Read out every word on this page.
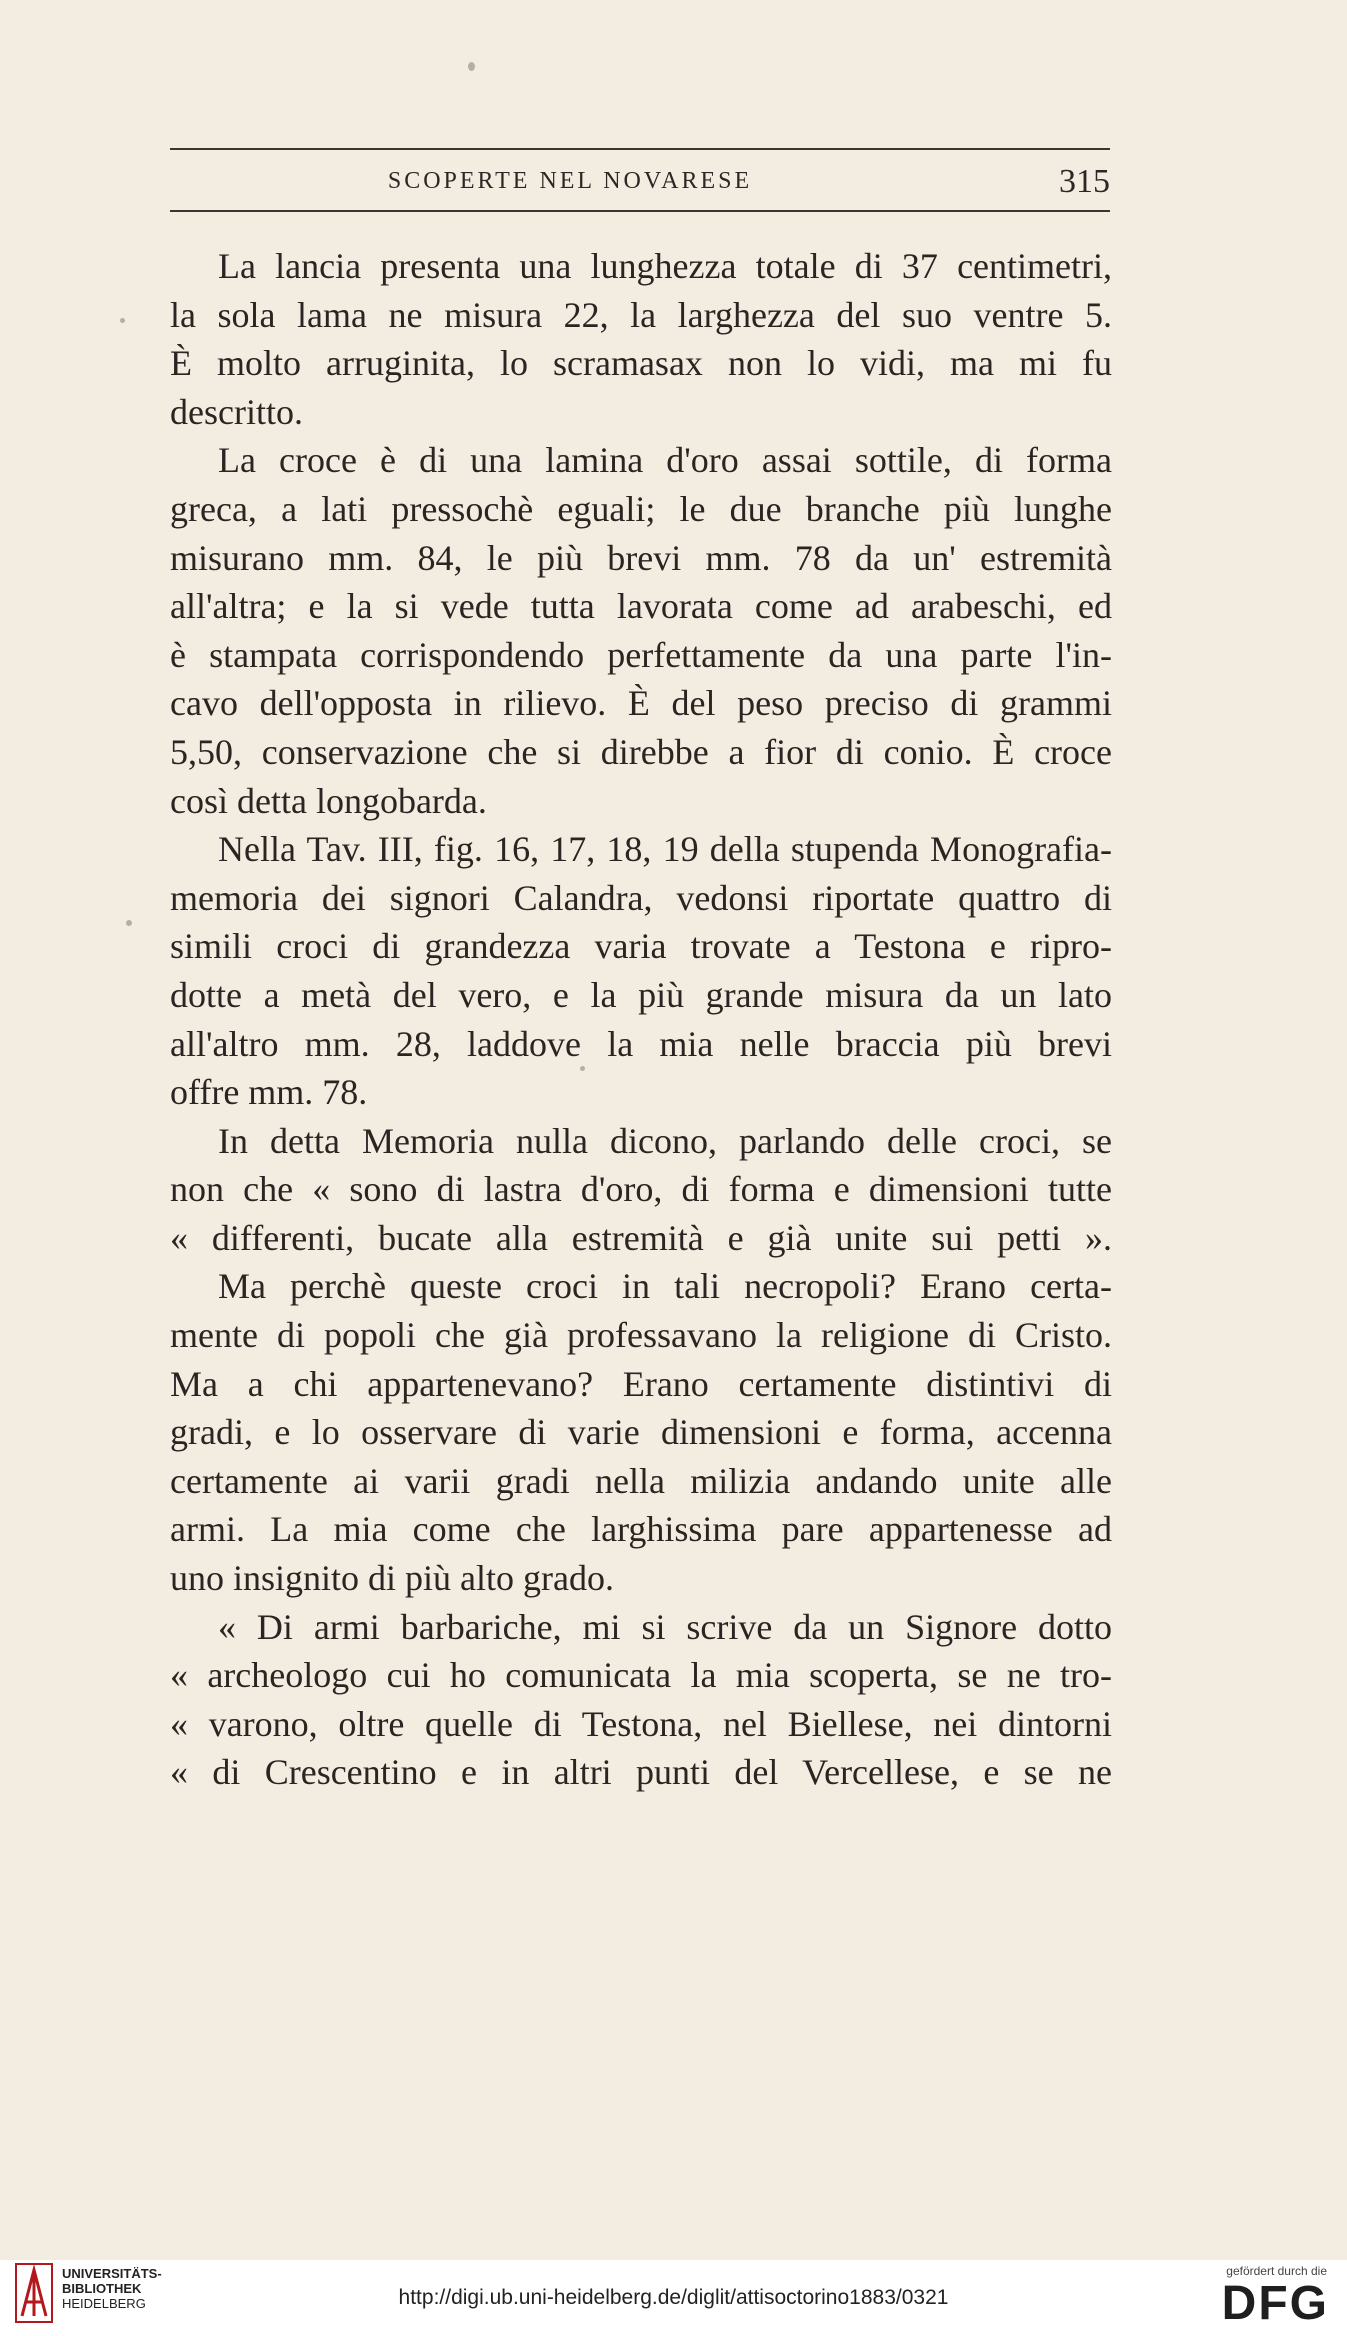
SCOPERTE NEL NOVARESE	315
La lancia presenta una lunghezza totale di 37 centimetri,
la sola lama ne misura 22, la larghezza del suo ventre 5.
È molto arruginita, lo scramasax non lo vidi, ma mi fu
descritto.
La croce è di una lamina d'oro assai sottile, di forma
greca, a lati pressochè eguali; le due branche più lunghe
misurano mm. 84, le più brevi mm. 78 da un' estremità
all'altra; e la si vede tutta lavorata come ad arabeschi, ed
è stampata corrispondendo perfettamente da una parte l'in-
cavo dell'opposta in rilievo. È del peso preciso di grammi
5,50, conservazione che si direbbe a fior di conio. È croce
così detta longobarda.
Nella Tav. III, fig. 16, 17, 18, 19 della stupenda Monografia-
memoria dei signori Calandra, vedonsi riportate quattro di
simili croci di grandezza varia trovate a Testona e ripro-
dotte a metà del vero, e la più grande misura da un lato
all'altro mm. 28, laddove la mia nelle braccia più brevi
offre mm. 78.
In detta Memoria nulla dicono, parlando delle croci, se
non che « sono di lastra d'oro, di forma e dimensioni tutte
« differenti, bucate alla estremità e già unite sui petti ».
Ma perchè queste croci in tali necropoli? Erano certa-
mente di popoli che già professavano la religione di Cristo.
Ma a chi appartenevano? Erano certamente distintivi di
gradi, e lo osservare di varie dimensioni e forma, accenna
certamente ai varii gradi nella milizia andando unite alle
armi. La mia come che larghissima pare appartenesse ad
uno insignito di più alto grado.
« Di armi barbariche, mi si scrive da un Signore dotto
« archeologo cui ho comunicata la mia scoperta, se ne tro-
« varono, oltre quelle di Testona, nel Biellese, nei dintorni
« di Crescentino e in altri punti del Vercellese, e se ne
UNIVERSITÄTS-
BIBLIOTHEK
HEIDELBERG	http://digi.ub.uni-heidelberg.de/diglit/attisoctorino1883/0321
gefördert durch die
DFG
